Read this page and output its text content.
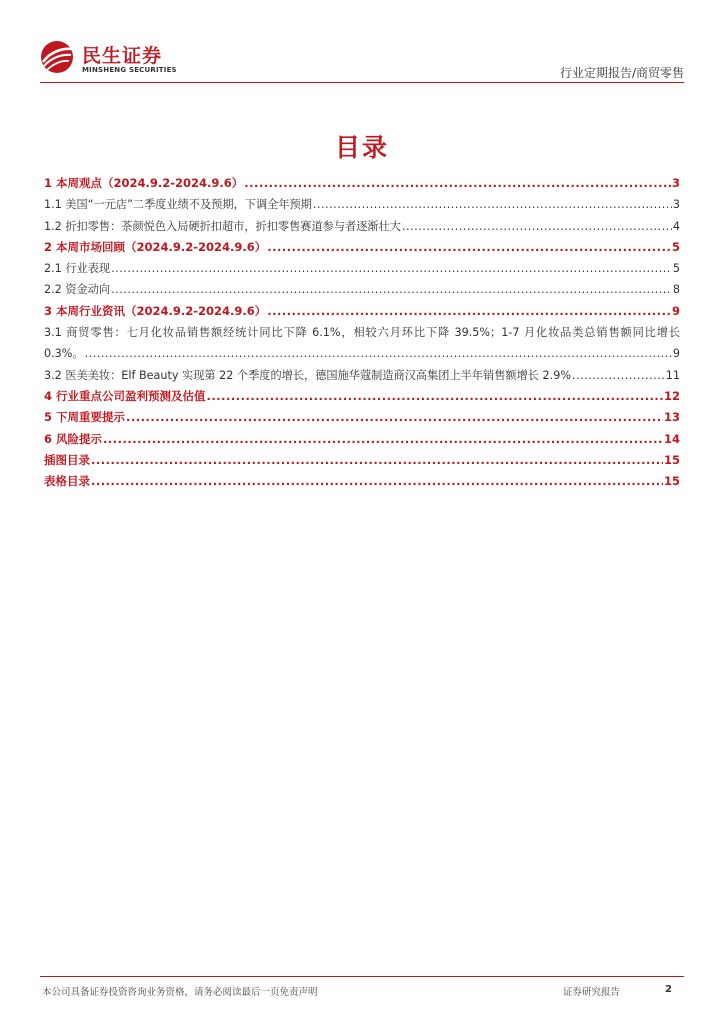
民生证券
MINSHENG SECURITIES	行业定期报告/商贸零售
目录
1 本周观点（2024.9.2-2024.9.6） .....	3
1.1 美国“一元店”二季度业绩不及预期，下调全年预期 .....	3
1.2 折扣零售：茶颜悦色入局硬折扣超市，折扣零售赛道参与者逐渐壮大 .....	4
2 本周市场回顾（2024.9.2-2024.9.6） .....	5
2.1 行业表现 .....	5
2.2 资金动向 .....	8
3 本周行业资讯（2024.9.2-2024.9.6） .....	9
3.1 商贸零售：七月化妆品销售额经统计同比下降 6.1%，相较六月环比下降 39.5%；1-7 月化妆品类总销售额同比增长
0.3%。 .....	9
3.2 医美美妆：Elf Beauty 实现第 22 个季度的增长，德国施华蔻制造商汉高集团上半年销售额增长 2.9% .....	11
4 行业重点公司盈利预测及估值 .....	12
5 下周重要提示 .....	13
6 风险提示 .....	14
插图目录 .....	15
表格目录 .....	15
本公司具备证券投资咨询业务资格，请务必阅读最后一页免责声明	证券研究报告	2
